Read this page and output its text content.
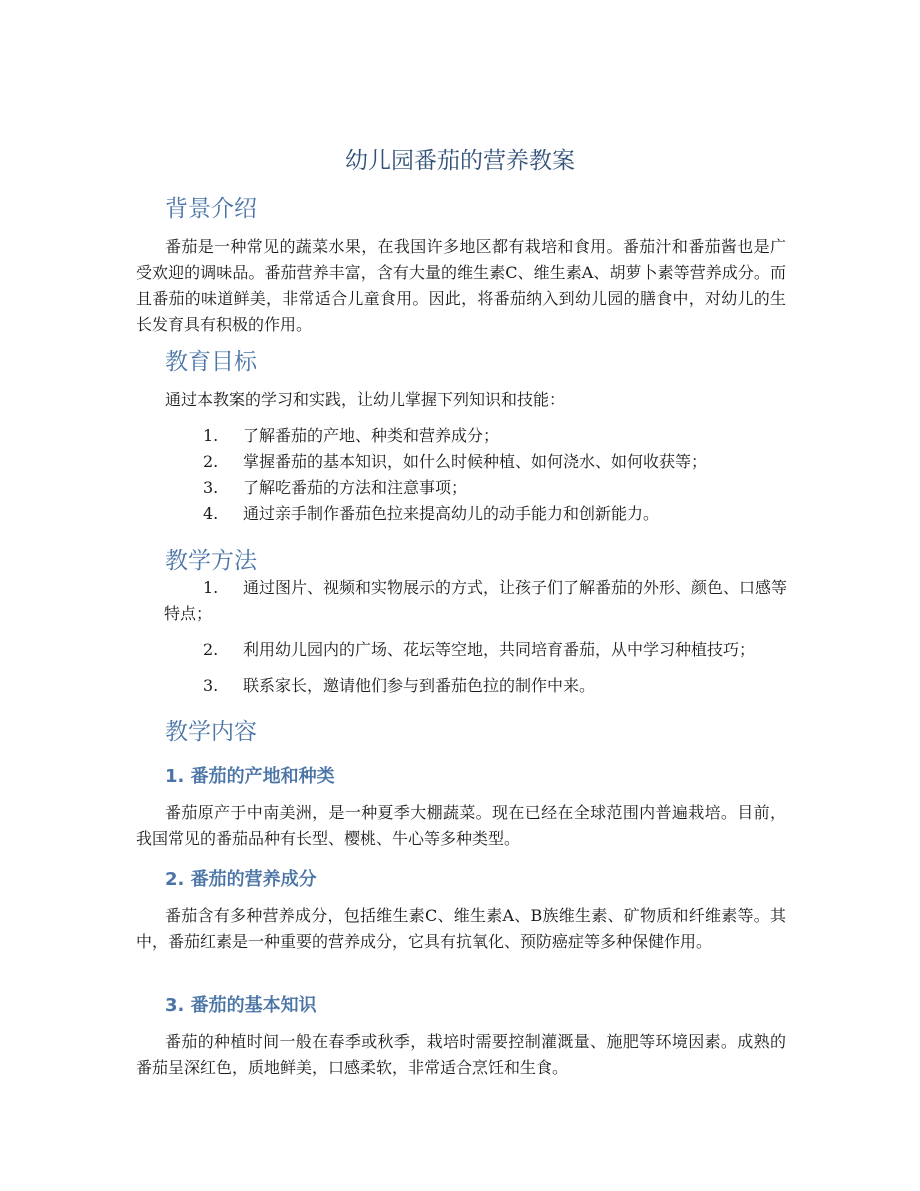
幼儿园番茄的营养教案
背景介绍

番茄是一种常见的蔬菜水果，在我国许多地区都有栽培和食用。番茄汁和番茄酱也是广受欢迎的调味品。番茄营养丰富，含有大量的维生素C、维生素A、胡萝卜素等营养成分。而且番茄的味道鲜美，非常适合儿童食用。因此，将番茄纳入到幼儿园的膳食中，对幼儿的生长发育具有积极的作用。

教育目标

通过本教案的学习和实践，让幼儿掌握下列知识和技能：

1.	了解番茄的产地、种类和营养成分；
2.	掌握番茄的基本知识，如什么时候种植、如何浇水、如何收获等；
3.	了解吃番茄的方法和注意事项；
4.	通过亲手制作番茄色拉来提高幼儿的动手能力和创新能力。
教学方法
1.	通过图片、视频和实物展示的方式，让孩子们了解番茄的外形、颜色、口感等特点；
2.	利用幼儿园内的广场、花坛等空地，共同培育番茄，从中学习种植技巧；
3.	联系家长，邀请他们参与到番茄色拉的制作中来。
教学内容
1. 番茄的产地和种类

番茄原产于中南美洲，是一种夏季大棚蔬菜。现在已经在全球范围内普遍栽培。目前，我国常见的番茄品种有长型、樱桃、牛心等多种类型。

2. 番茄的营养成分

番茄含有多种营养成分，包括维生素C、维生素A、B族维生素、矿物质和纤维素等。其中，番茄红素是一种重要的营养成分，它具有抗氧化、预防癌症等多种保健作用。

3. 番茄的基本知识

番茄的种植时间一般在春季或秋季，栽培时需要控制灌溉量、施肥等环境因素。成熟的番茄呈深红色，质地鲜美，口感柔软，非常适合烹饪和生食。
